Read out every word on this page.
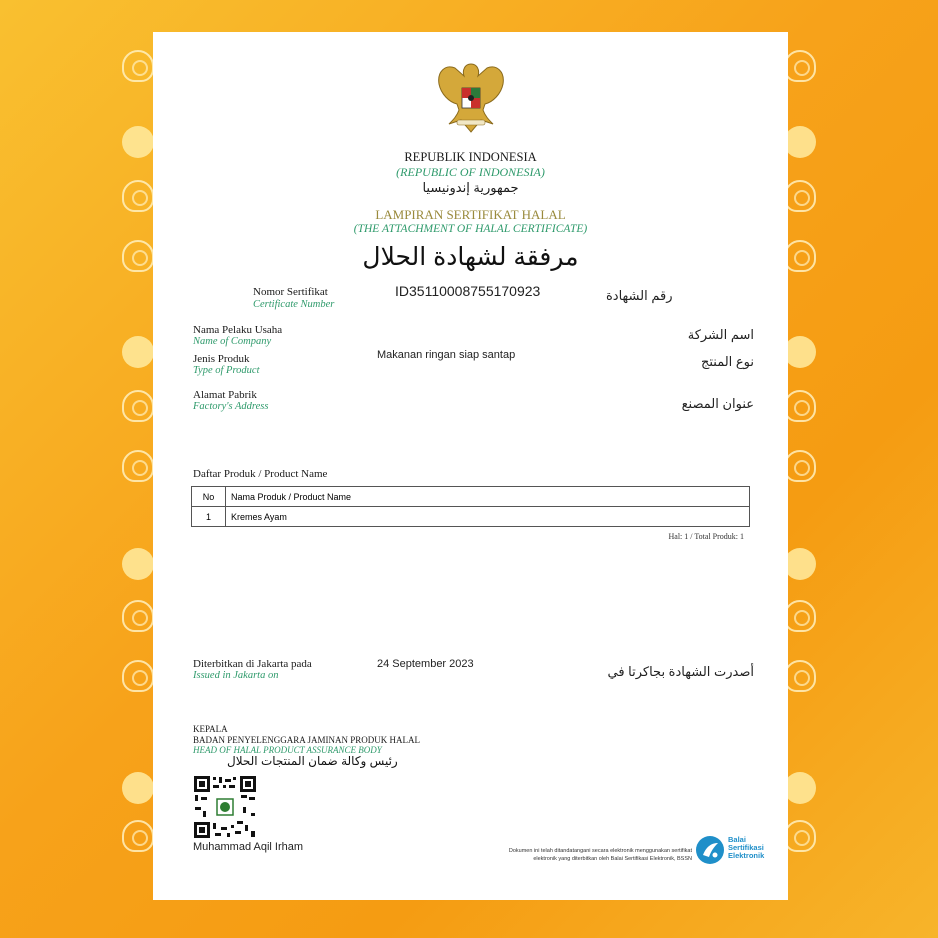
REPUBLIK INDONESIA
(REPUBLIC OF INDONESIA)
جمهورية إندونيسيا
LAMPIRAN SERTIFIKAT HALAL
(THE ATTACHMENT OF HALAL CERTIFICATE)
مرفقة لشهادة الحلال
Nomor Sertifikat
Certificate Number
ID35110008755170923	رقم الشهادة
Nama Pelaku Usaha
Name of Company	اسم الشركة
Jenis Produk
Type of Product
Makanan ringan siap santap	نوع المنتج
Alamat Pabrik
Factory's Address	عنوان المصنع
Daftar Produk / Product Name
No	Nama Produk / Product Name
1	Kremes Ayam
Hal: 1 / Total Produk: 1
Diterbitkan di Jakarta pada
Issued in Jakarta on
24 September 2023	أصدرت الشهادة بجاكرتا في
KEPALA
BADAN PENYELENGGARA JAMINAN PRODUK HALAL
HEAD OF HALAL PRODUCT ASSURANCE BODY
رئيس وكالة ضمان المنتجات الحلال
Muhammad Aqil Irham	Dokumen ini telah ditandatangani secara elektronik menggunakan sertifikat
elektronik yang diterbitkan oleh Balai Sertifikasi Elektronik, BSSN
Balai
Sertifikasi
Elektronik
